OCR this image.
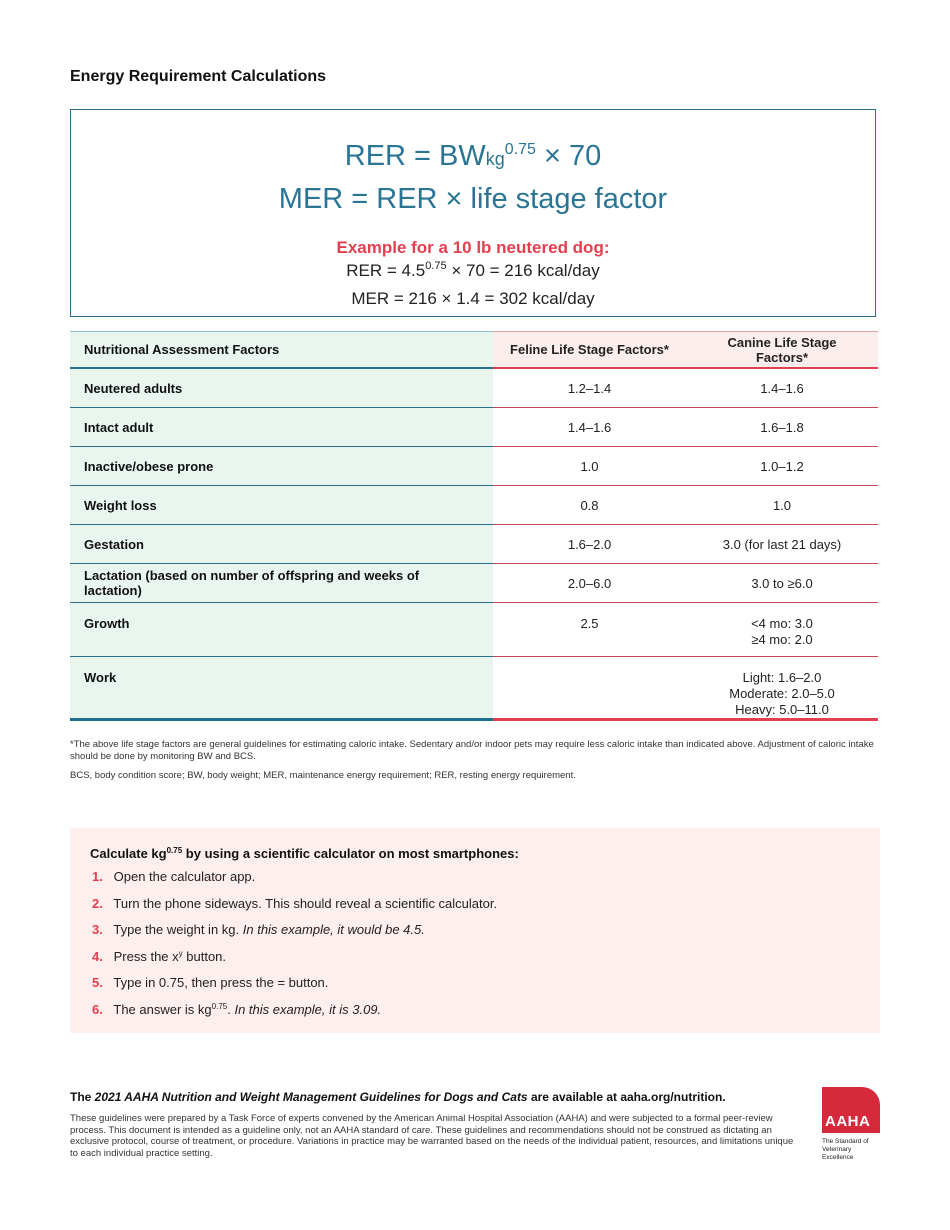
Energy Requirement Calculations
RER = BWkg$^{0.75}$ × 70
MER = RER × life stage factor
Example for a 10 lb neutered dog:
RER = $4.5^{0.75} \times 70 = 216$ kcal/day
MER = 216 × 1.4 = 302 kcal/day
Nutritional Assessment Factors	Feline Life Stage Factors*	Canine Life Stage Factors*
Neutered adults	1.2–1.4	1.4–1.6
Intact adult	1.4–1.6	1.6–1.8
Inactive/obese prone	1.0	1.0–1.2
Weight loss	0.8	1.0
Gestation	1.6–2.0	3.0 (for last 21 days)
Lactation (based on number of offspring and weeks of lactation)	2.0–6.0	3.0 to ≥6.0
Growth	2.5	<4 mo: 3.0
≥4 mo: 2.0

Work		Light: 1.6–2.0
Moderate: 2.0–5.0
Heavy: 5.0–11.0
*The above life stage factors are general guidelines for estimating caloric intake. Sedentary and/or indoor pets may require less caloric intake than indicated above. Adjustment of caloric intake should be done by monitoring BW and BCS.
BCS, body condition score; BW, body weight; MER, maintenance energy requirement; RER, resting energy requirement.
Calculate $kg^{0.75}$ by using a scientific calculator on most smartphones:
1. Open the calculator app.
2. Turn the phone sideways. This should reveal a scientific calculator.
3. Type the weight in kg. In this example, it would be 4.5.
4. Press the $x^y$ button.
5. Type in 0.75, then press the = button.
6. The answer is $kg^{0.75}$. In this example, it is 3.09.
The 2021 AAHA Nutrition and Weight Management Guidelines for Dogs and Cats are available at aaha.org/nutrition.
These guidelines were prepared by a Task Force of experts convened by the American Animal Hospital Association (AAHA) and were subjected to a formal peer-review process. This document is intended as a guideline only, not an AAHA standard of care. These guidelines and recommendations should not be construed as dictating an exclusive protocol, course of treatment, or procedure. Variations in practice may be warranted based on the needs of the individual patient, resources, and limitations unique to each individual practice setting.
AAHA
The Standard of Veterinary Excellence
